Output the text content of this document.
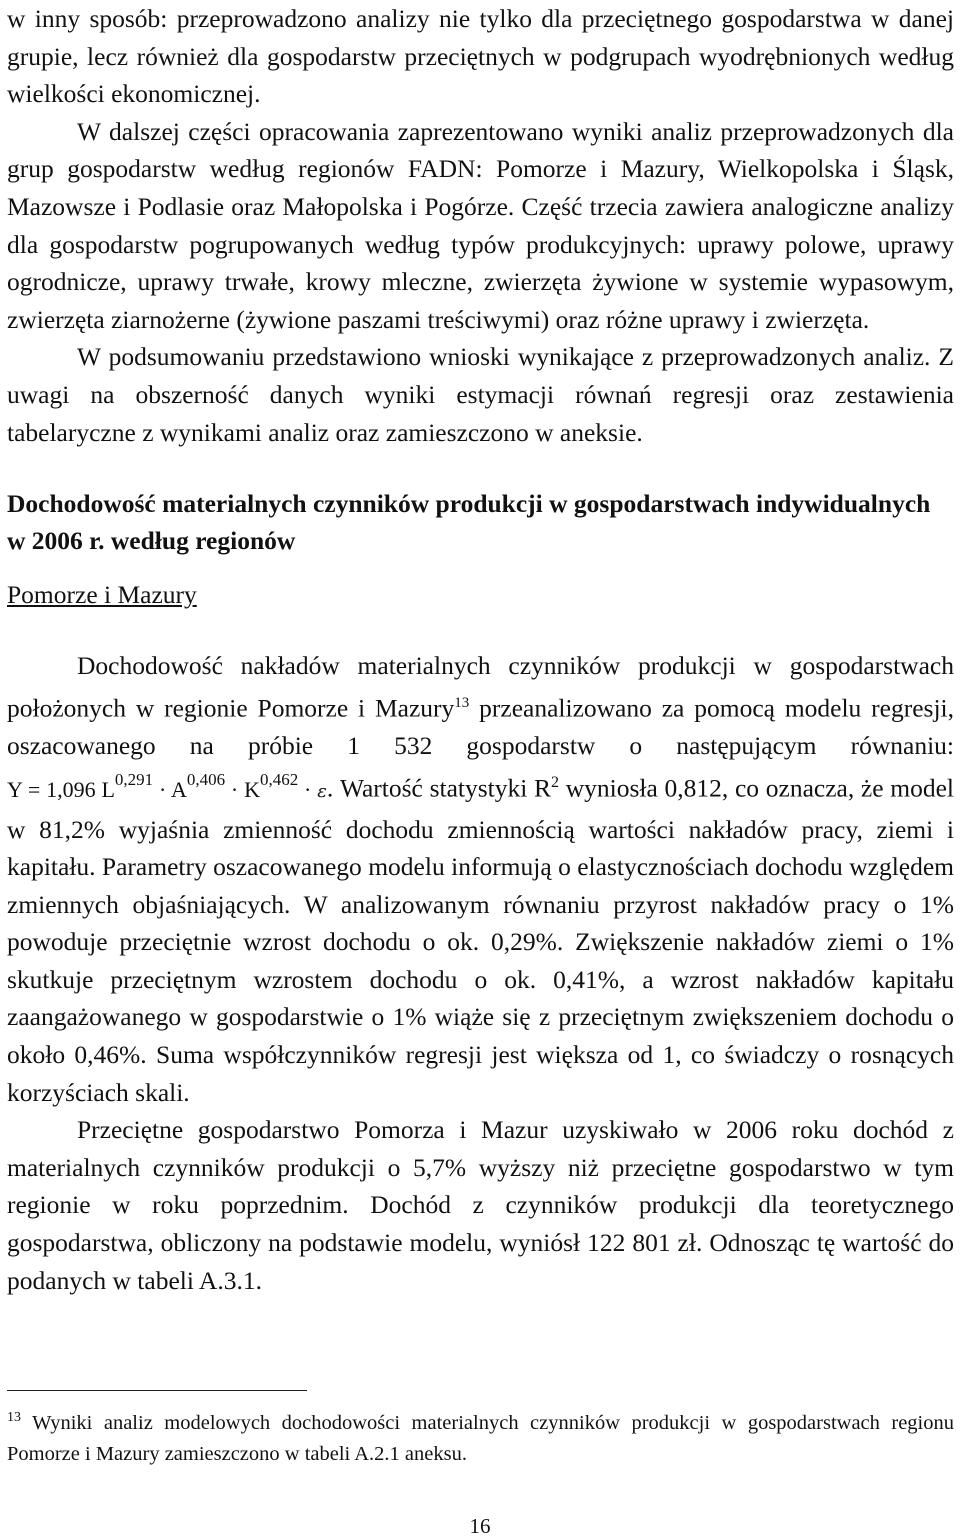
w inny sposób: przeprowadzono analizy nie tylko dla przeciętnego gospodarstwa w danej grupie, lecz również dla gospodarstw przeciętnych w podgrupach wyodrębnionych według wielkości ekonomicznej.

W dalszej części opracowania zaprezentowano wyniki analiz przeprowadzonych dla grup gospodarstw według regionów FADN: Pomorze i Mazury, Wielkopolska i Śląsk, Mazowsze i Podlasie oraz Małopolska i Pogórze. Część trzecia zawiera analogiczne analizy dla gospodarstw pogrupowanych według typów produkcyjnych: uprawy polowe, uprawy ogrodnicze, uprawy trwałe, krowy mleczne, zwierzęta żywione w systemie wypasowym, zwierzęta ziarnożerne (żywione paszami treściwymi) oraz różne uprawy i zwierzęta.

W podsumowaniu przedstawiono wnioski wynikające z przeprowadzonych analiz. Z uwagi na obszerność danych wyniki estymacji równań regresji oraz zestawienia tabelaryczne z wynikami analiz oraz zamieszczono w aneksie.

Dochodowość materialnych czynników produkcji w gospodarstwach indywidualnych w 2006 r. według regionów
Pomorze i Mazury

Dochodowość nakładów materialnych czynników produkcji w gospodarstwach położonych w regionie Pomorze i Mazury$^{13}$ przeanalizowano za pomocą modelu regresji, oszacowanego na próbie 1 532 gospodarstw o następującym równaniu: Y = 1,096 L$^{0,291}$ · A$^{0,406}$ · K$^{0,462}$ · ε. Wartość statystyki $R^2$ wyniosła 0,812, co oznacza, że model w 81,2% wyjaśnia zmienność dochodu zmiennością wartości nakładów pracy, ziemi i kapitału. Parametry oszacowanego modelu informują o elastycznościach dochodu względem zmiennych objaśniających. W analizowanym równaniu przyrost nakładów pracy o 1% powoduje przeciętnie wzrost dochodu o ok. 0,29%. Zwiększenie nakładów ziemi o 1% skutkuje przeciętnym wzrostem dochodu o ok. 0,41%, a wzrost nakładów kapitału zaangażowanego w gospodarstwie o 1% wiąże się z przeciętnym zwiększeniem dochodu o około 0,46%. Suma współczynników regresji jest większa od 1, co świadczy o rosnących korzyściach skali.

Przeciętne gospodarstwo Pomorza i Mazur uzyskiwało w 2006 roku dochód z materialnych czynników produkcji o 5,7% wyższy niż przeciętne gospodarstwo w tym regionie w roku poprzednim. Dochód z czynników produkcji dla teoretycznego gospodarstwa, obliczony na podstawie modelu, wyniósł 122 801 zł. Odnosząc tę wartość do podanych w tabeli A.3.1.

$^{13}$ Wyniki analiz modelowych dochodowości materialnych czynników produkcji w gospodarstwach regionu Pomorze i Mazury zamieszczono w tabeli A.2.1 aneksu.
16
